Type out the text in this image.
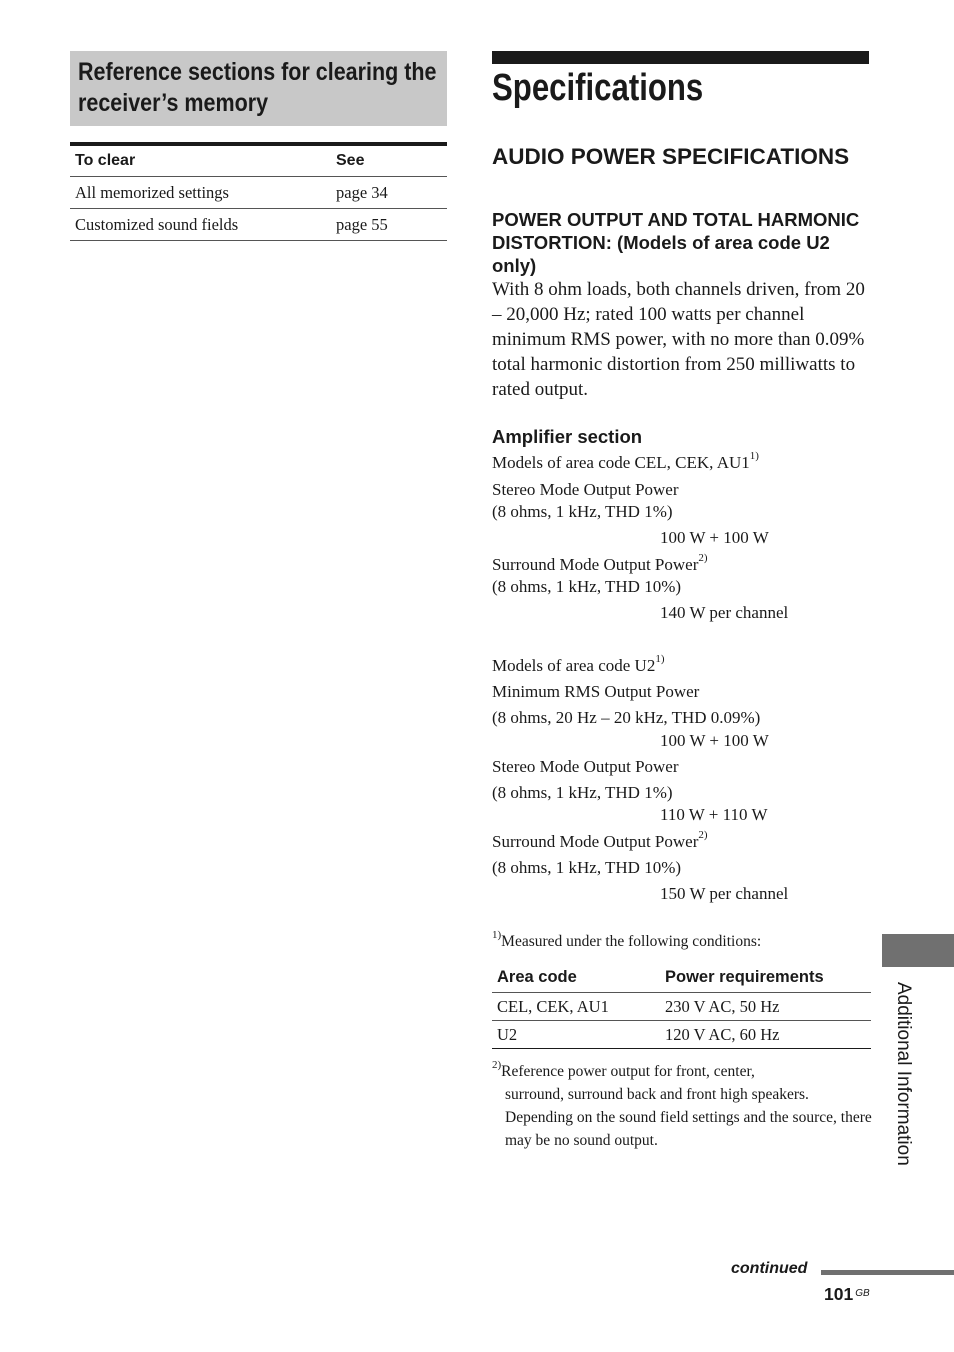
Reference sections for clearing the receiver’s memory
To clear	See
All memorized settings	page 34
Customized sound fields	page 55
Specifications
AUDIO POWER SPECIFICATIONS
POWER OUTPUT AND TOTAL HARMONIC DISTORTION: (Models of area code U2 only)
With 8 ohm loads, both channels driven, from 20 – 20,000 Hz; rated 100 watts per channel minimum RMS power, with no more than 0.09% total harmonic distortion from 250 milliwatts to rated output.
Amplifier section
Models of area code CEL, CEK, AU1$^{1)}$
Stereo Mode Output Power
(8 ohms, 1 kHz, THD 1%)
100 W + 100 W
Surround Mode Output Power$^{2)}$
(8 ohms, 1 kHz, THD 10%)
140 W per channel
Models of area code U2$^{1)}$
Minimum RMS Output Power
(8 ohms, 20 Hz – 20 kHz, THD 0.09%)
100 W + 100 W
Stereo Mode Output Power
(8 ohms, 1 kHz, THD 1%)
110 W + 110 W
Surround Mode Output Power$^{2)}$
(8 ohms, 1 kHz, THD 10%)
150 W per channel
$^{1)}$Measured under the following conditions:
Area code	Power requirements
CEL, CEK, AU1	230 V AC, 50 Hz
U2	120 V AC, 60 Hz
$^{2)}$Reference power output for front, center,
surround, surround back and front high speakers. Depending on the sound field settings and the source, there may be no sound output.	Additional Information
continued
101 $^{GB}$
